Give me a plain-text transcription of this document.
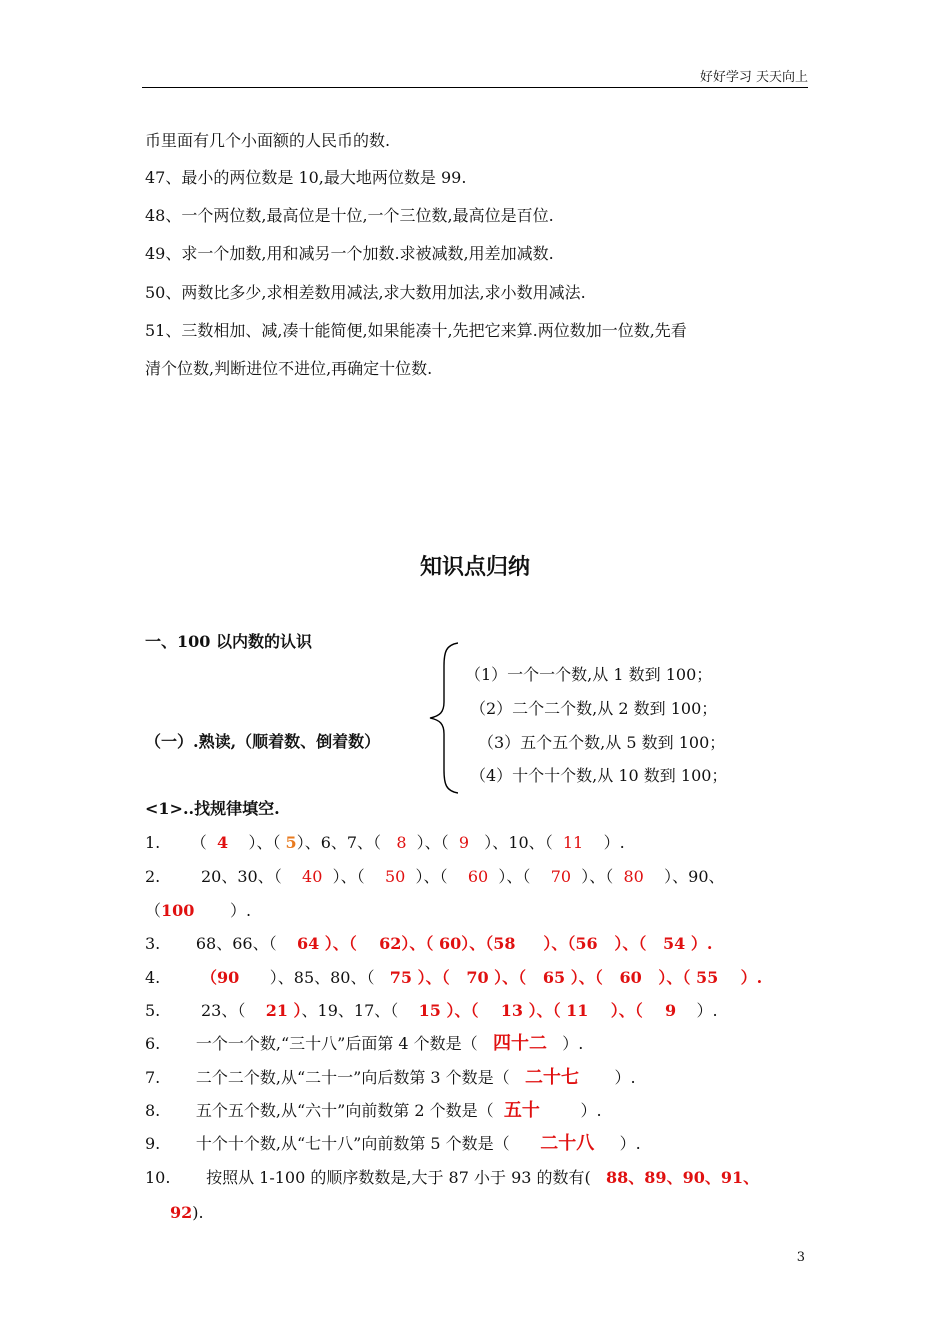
好好学习 天天向上
币里面有几个小面额的人民币的数.
47、最小的两位数是 10,最大地两位数是 99.
48、一个两位数,最高位是十位,一个三位数,最高位是百位.
49、求一个加数,用和减另一个加数.求被减数,用差加减数.
50、两数比多少,求相差数用减法,求大数用加法,求小数用减法.
51、三数相加、减,凑十能简便,如果能凑十,先把它来算.两位数加一位数,先看
清个位数,判断进位不进位,再确定十位数.
知识点归纳
一、100 以内数的认识
（1）一个一个数,从 1 数到 100；
（2）二个二个数,从 2 数到 100；
（一）.熟读,（顺着数、倒着数）	（3）五个五个数,从 5 数到 100；
（4）十个十个数,从 10 数到 100；
<1>..找规律填空.
1.      （  4    ）、（ 5）、6、7、（   8  ）、（  9   ）、10、（  11    ）.
2.	20、30、（    40  ）、（    50  ）、（    60  ）、（    70  ）、（  80    ）、90、
（100       ）.
3. 68、66、（    64 ）、（    62）、（ 60）、（58     ）、（56   ）、（   54 ）.
4.	（90      ）、85、80、（   75 ）、（   70 ）、（   65 ）、（   60   ）、（ 55    ）.
5.	23、（    21 ）、19、17、（    15 ）、（    13 ）、（ 11    ）、（    9    ）.
6. 一个一个数,“三十八”后面第 4 个数是（ 四十二   ）.
7. 二个二个数,从“二十一”向后数第 3 个数是（ 二十七       ）.
8. 五个五个数,从“六十”向前数第 2 个数是（ 五十        ）.
9. 十个十个数,从“七十八”向前数第 5 个数是（ 二十八     ）.
10. 按照从 1-100 的顺序数数是,大于 87 小于 93 的数有( 88、89、90、91、
92).
3
